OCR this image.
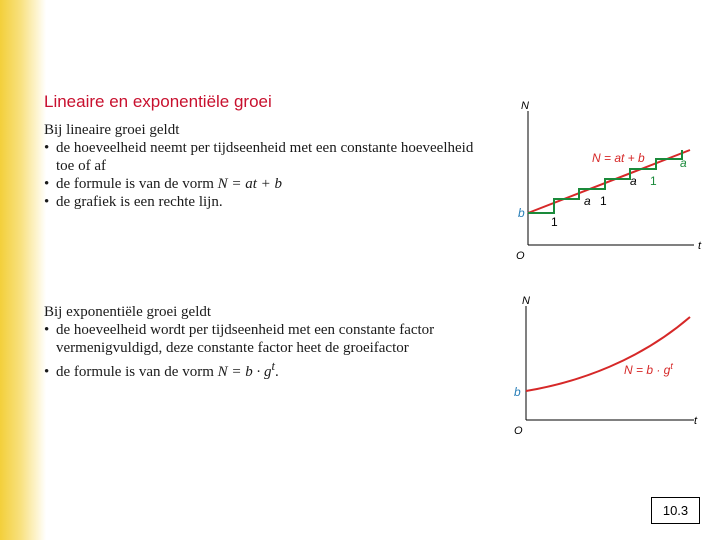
Lineaire en exponentiële groei
Bij lineaire groei geldt
• de hoeveelheid neemt per tijdseenheid met een constante hoeveelheid
toe of af
• de formule is van de vorm N = at + b
• de grafiek is een rechte lijn.
Bij exponentiële groei geldt
• de hoeveelheid wordt per tijdseenheid met een constante factor
vermenigvuldigd, deze constante factor heet de groeifactor
• de formule is van de vorm $N = b \cdot g^t$.
N
t
O
b
1
a 1
a 1
a
N = at + b
N
t
O
b
$N = b \cdot g^t$
10.3
